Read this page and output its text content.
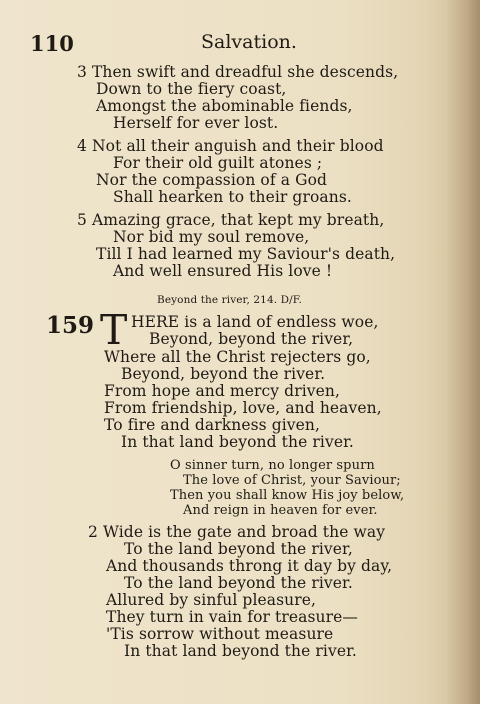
110	Salvation.
3 Then swift and dreadful she descends,
Down to the fiery coast,
Amongst the abominable fiends,
Herself for ever lost.
4 Not all their anguish and their blood
For their old guilt atones ;
Nor the compassion of a God
Shall hearken to their groans.
5 Amazing grace, that kept my breath,
Nor bid my soul remove,
Till I had learned my Saviour's death,
And well ensured His love !
Beyond the river, 214. D/F.
159 T HERE is a land of endless woe,
Beyond, beyond the river,
Where all the Christ rejecters go,
Beyond, beyond the river.
From hope and mercy driven,
From friendship, love, and heaven,
To fire and darkness given,
In that land beyond the river.
O sinner turn, no longer spurn
The love of Christ, your Saviour;
Then you shall know His joy below,
And reign in heaven for ever.
2 Wide is the gate and broad the way
To the land beyond the river,
And thousands throng it day by day,
To the land beyond the river.
Allured by sinful pleasure,
They turn in vain for treasure—
'Tis sorrow without measure
In that land beyond the river.
